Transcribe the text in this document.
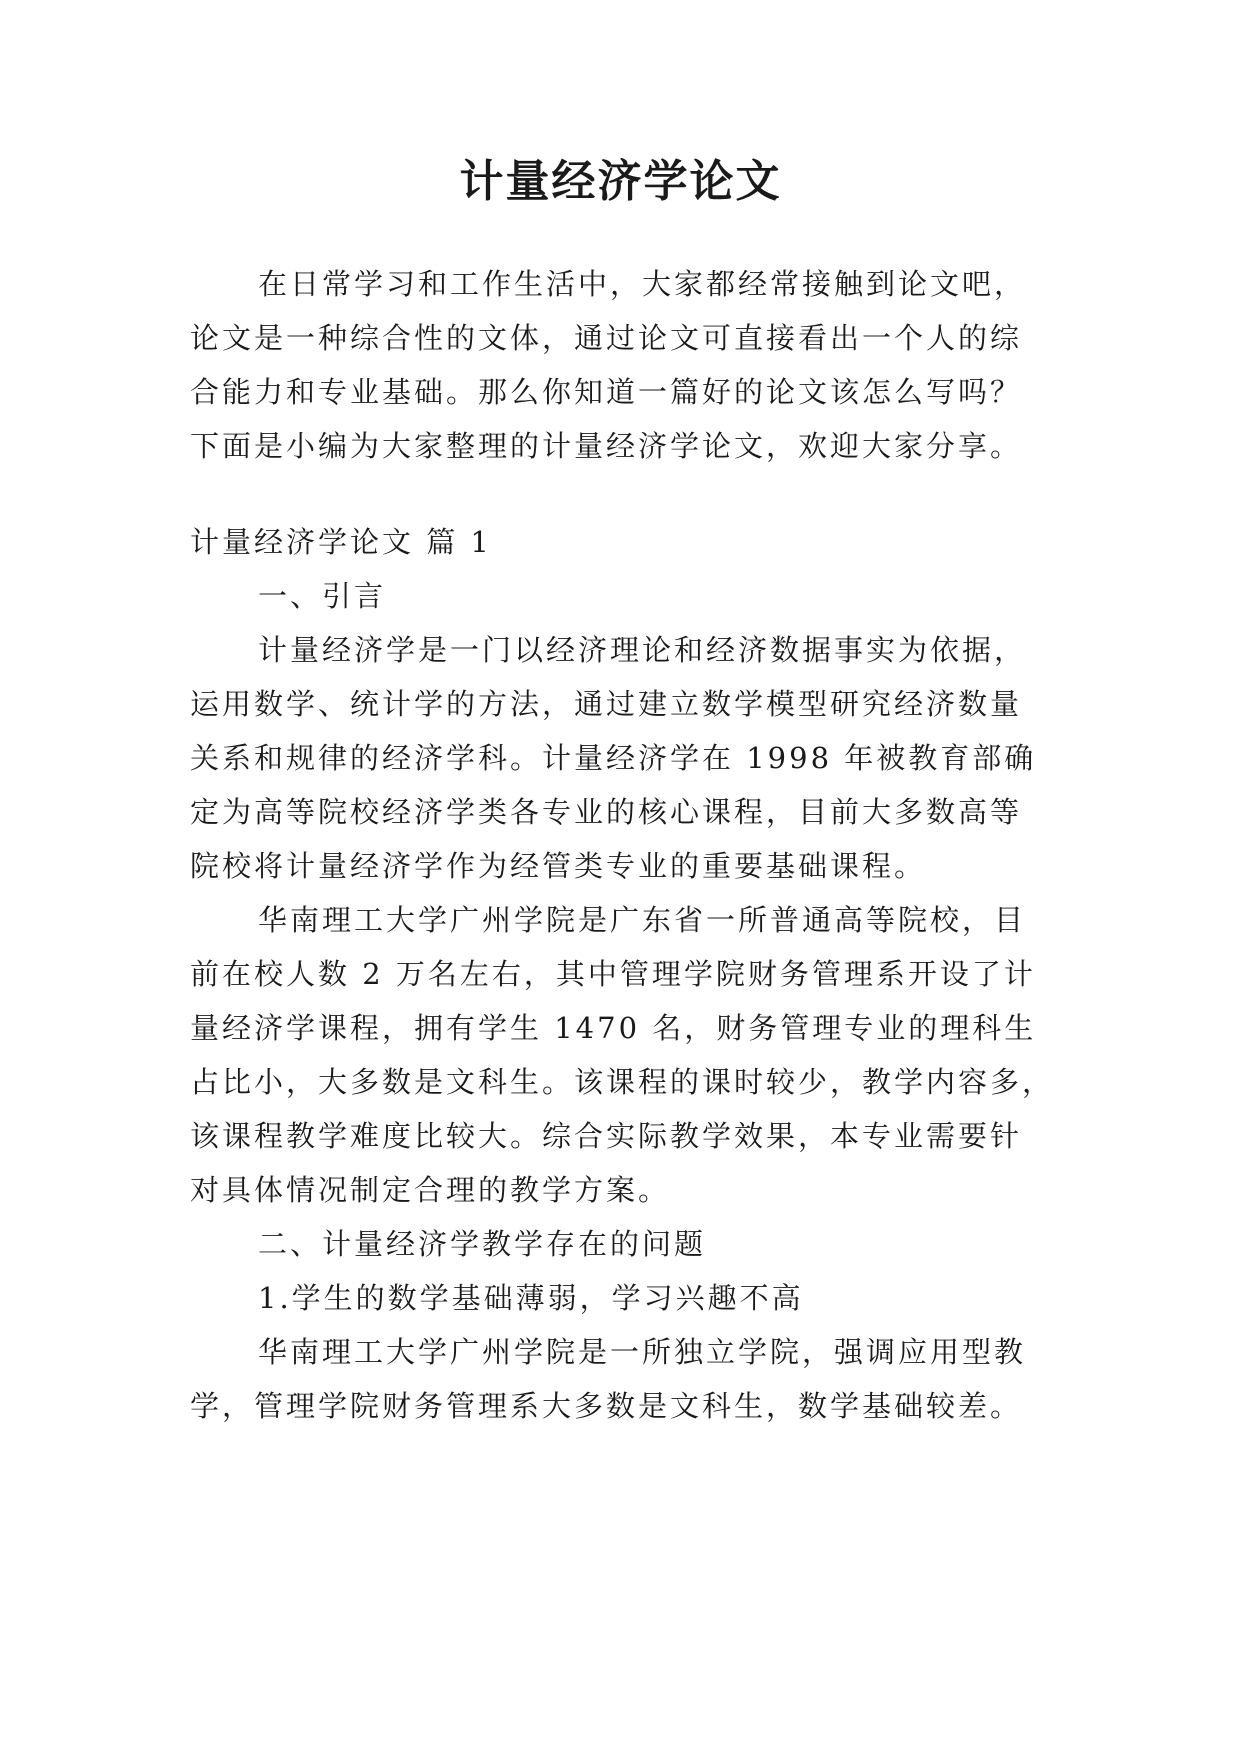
计量经济学论文
在日常学习和工作生活中，大家都经常接触到论文吧，
论文是一种综合性的文体，通过论文可直接看出一个人的综
合能力和专业基础。那么你知道一篇好的论文该怎么写吗？
下面是小编为大家整理的计量经济学论文，欢迎大家分享。
计量经济学论文 篇 1
一、引言
计量经济学是一门以经济理论和经济数据事实为依据，
运用数学、统计学的方法，通过建立数学模型研究经济数量
关系和规律的经济学科。计量经济学在 1998 年被教育部确
定为高等院校经济学类各专业的核心课程，目前大多数高等
院校将计量经济学作为经管类专业的重要基础课程。
华南理工大学广州学院是广东省一所普通高等院校，目
前在校人数 2 万名左右，其中管理学院财务管理系开设了计
量经济学课程，拥有学生 1470 名，财务管理专业的理科生
占比小，大多数是文科生。该课程的课时较少，教学内容多，
该课程教学难度比较大。综合实际教学效果，本专业需要针
对具体情况制定合理的教学方案。
二、计量经济学教学存在的问题
1.学生的数学基础薄弱，学习兴趣不高
华南理工大学广州学院是一所独立学院，强调应用型教
学，管理学院财务管理系大多数是文科生，数学基础较差。
